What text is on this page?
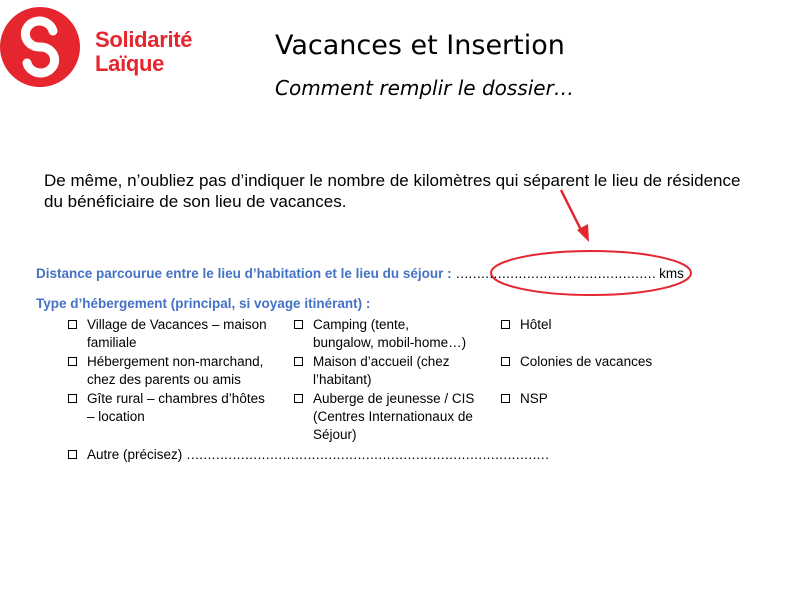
Solidarité
Laïque
Vacances et Insertion
Comment remplir le dossier…
De même, n’oubliez pas d’indiquer le nombre de kilomètres qui séparent le lieu de résidence du bénéficiaire de son lieu de vacances.
Distance parcourue entre le lieu d’habitation et le lieu du séjour : ………………………………………… kms
Type d’hébergement (principal, si voyage itinérant) :
Village de Vacances – maison
familiale
Camping (tente,
bungalow, mobil-home…)
Hôtel
Hébergement non-marchand,
chez des parents ou amis
Maison d’accueil (chez
l’habitant)
Colonies de vacances
Gîte rural – chambres d’hôtes
– location
Auberge de jeunesse / CIS
(Centres Internationaux de
Séjour)
NSP
Autre (précisez) ……………………………………………………………………………
